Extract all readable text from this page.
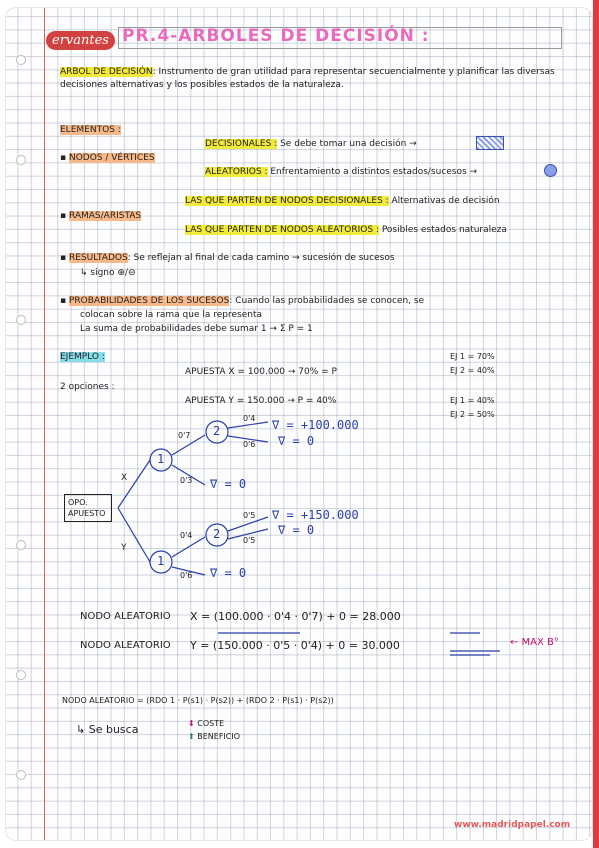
ervantes PR.4-ARBOLES DE DECISIÓN :
ARBOL DE DECISIÓN: Instrumento de gran utilidad para representar secuencialmente y planificar las diversas decisiones alternativas y los posibles estados de la naturaleza.
ELEMENTOS :
▪ NODOS / VÉRTICES
DECISIONALES : Se debe tomar una decisión →
ALEATORIOS : Enfrentamiento a distintos estados/sucesos →
▪ RAMAS/ARISTAS
LAS QUE PARTEN DE NODOS DECISIONALES : Alternativas de decisión
LAS QUE PARTEN DE NODOS ALEATORIOS : Posibles estados naturaleza
▪ RESULTADOS: Se reflejan al final de cada camino → sucesión de sucesos
↳ signo ⊕/⊖
▪ PROBABILIDADES DE LOS SUCESOS: Cuando las probabilidades se conocen, se
colocan sobre la rama que la representa
La suma de probabilidades debe sumar 1 → Σ P = 1
EJEMPLO :
2 opciones :
APUESTA X = 100.000 → 70% = P
APUESTA Y = 150.000 → P = 40%
EJ 1 = 70%
EJ 2 = 40%
EJ 1 = 40%
EJ 2 = 50%
OPO. APUESTO
X
Y
1
1
2
2
0'7
0'3
0'4
0'6
∇ = +100.000
∇ = 0
∇ = 0
0'4
0'6
0'5
0'5
∇ = +150.000
∇ = 0
∇ = 0
NODO ALEATORIO X = (100.000 · 0'4 · 0'7) + 0 = 28.000
NODO ALEATORIO Y = (150.000 · 0'5 · 0'4) + 0 = 30.000	← MAX B°
NODO ALEATORIO = (RDO 1 · P(s1) · P(s2)) + (RDO 2 · P(s1) · P(s2))
↳ Se busca	⬇ COSTE
⬆ BENEFICIO
www.madridpapel.com
